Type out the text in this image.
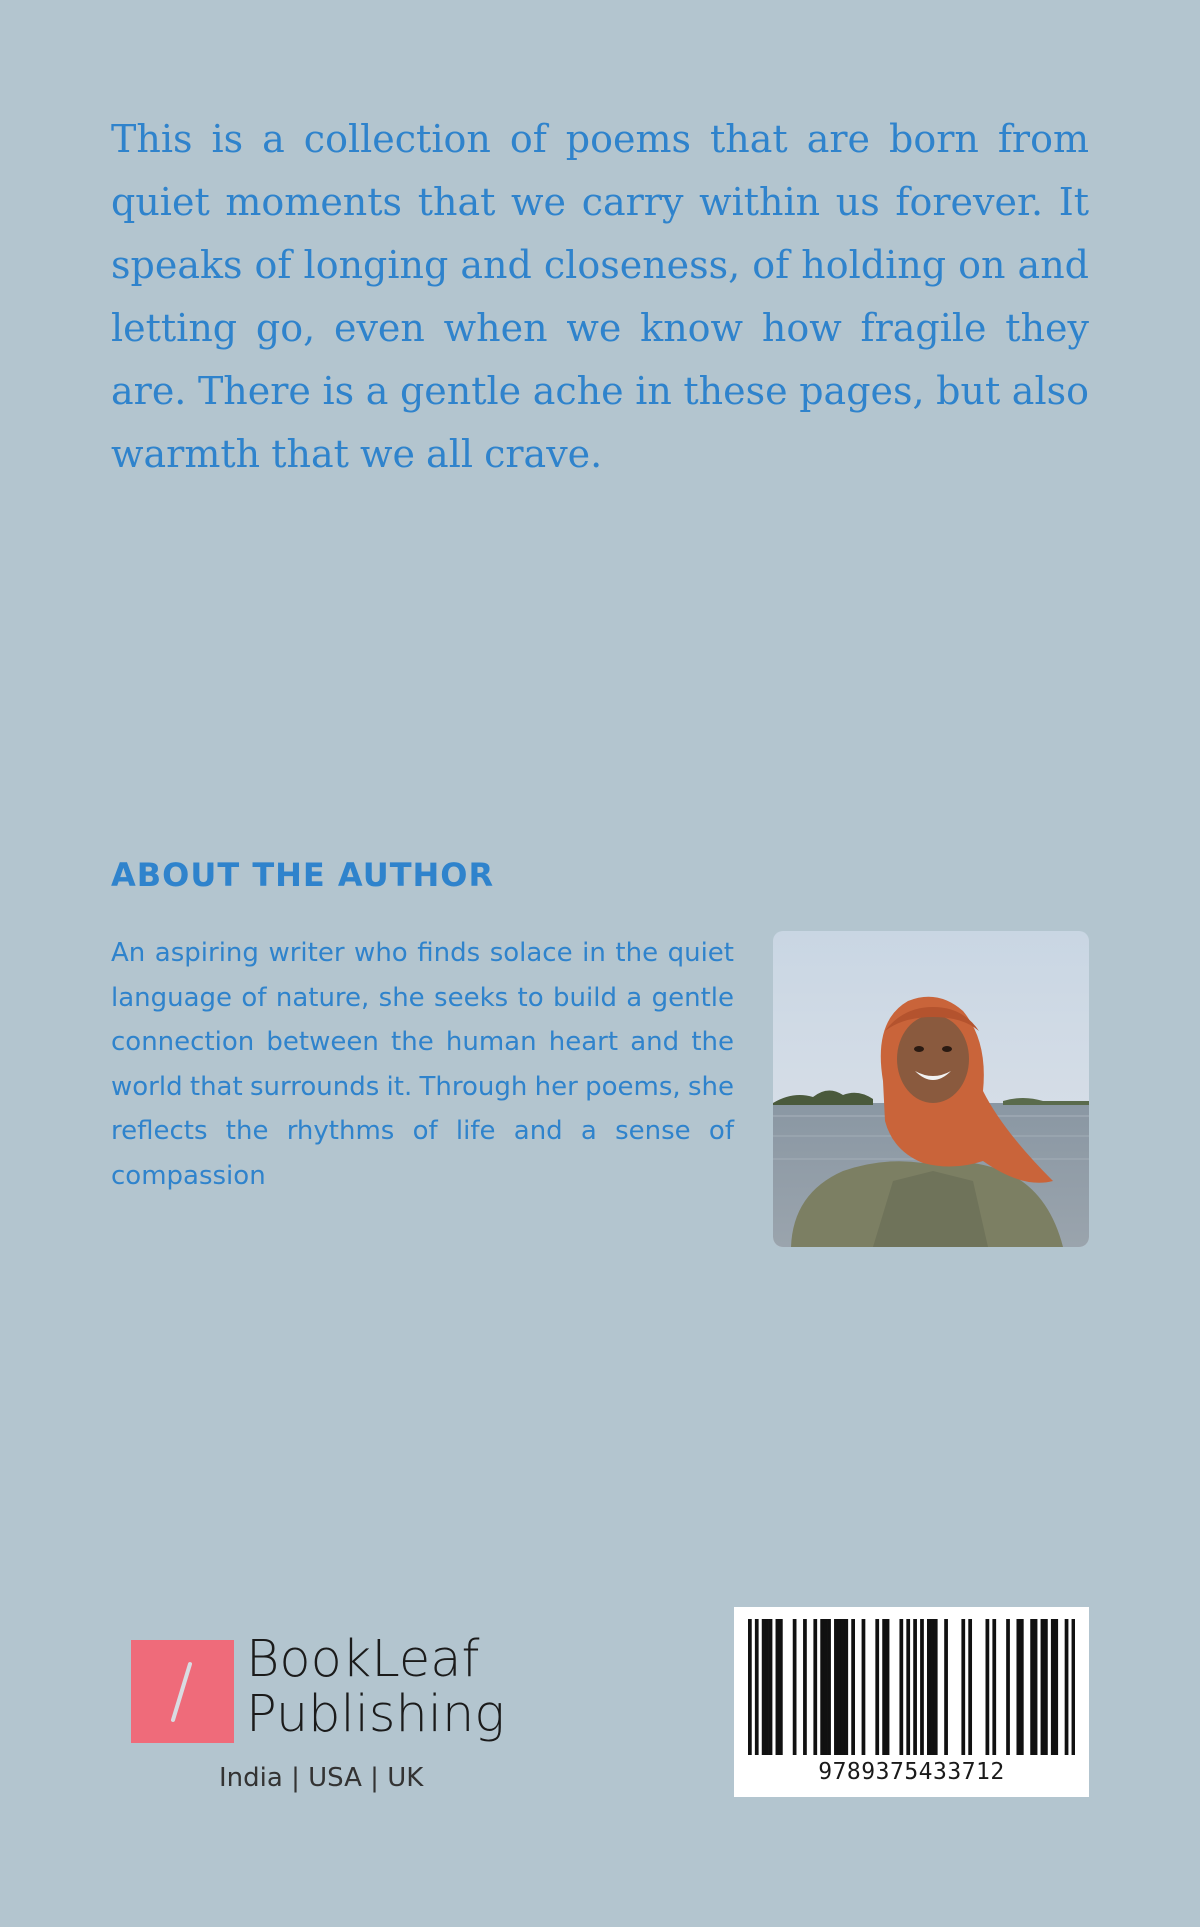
This is a collection of poems that are born from quiet moments that we carry within us forever. It speaks of longing and closeness, of holding on and letting go, even when we know how fragile they are. There is a gentle ache in these pages, but also warmth that we all crave.

ABOUT THE AUTHOR

An aspiring writer who finds solace in the quiet language of nature, she seeks to build a gentle connection between the human heart and the world that surrounds it. Through her poems, she reflects the rhythms of life and a sense of compassion

BookLeaf
Publishing
India | USA | UK	9789375433712
